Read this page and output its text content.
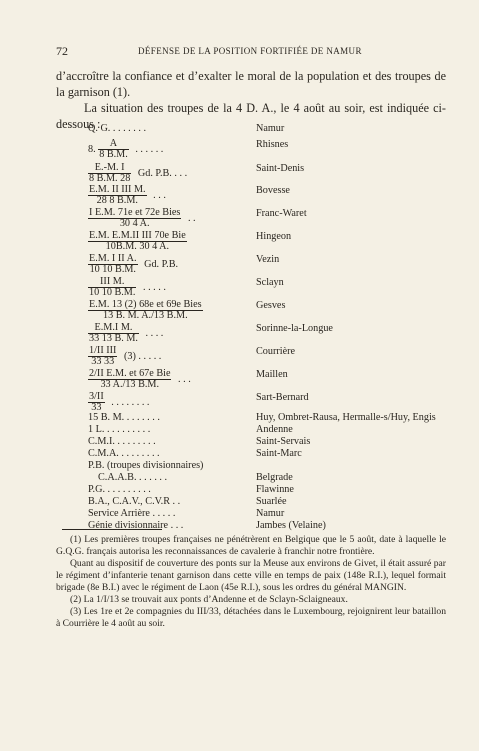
72	DÉFENSE DE LA POSITION FORTIFIÉE DE NAMUR

d’accroître la confiance et d’exalter le moral de la population et des troupes de la garnison (1).

La situation des troupes de la 4 D. A., le 4 août au soir, est indiquée ci-dessous :

Q. G. . . . . . . .	Namur
8. $\frac{A}{8 B.M.}$ . . . . . .	Rhisnes
$\frac{E.-M. I}{8 B.M. 28} Gd$. P.B. . . .	Saint-Denis
$\frac{\text{E.M. II III M.}}{28 8 B.M.}$ . . .	Bovesse
$\frac{\text{I E.M. 71e et 72e Bies}}{30 4 A.}$ . .	Franc-Waret
$\frac{\text{E.M. E.M.II III 70e Bie}}{10B.M. 30 4 A.}$	Hingeon
$\frac{\text{E.M. I II A.}}{10 10 B.M.} Gd$. P.B.	Vezin
$\frac{\text{III M.}}{10 10 B.M.}$ . . . . .	Sclayn
$\frac{\text{E.M. 13 (2) 68e et 69e Bies}}{13 B. M. A./13 B.M.}$	Gesves
$\frac{\text{E.M.I M.}}{33 13 B. M.}$ . . . .	Sorinne-la-Longue
$\frac{\text{1/II III}}{33 33} (3)$ . . . . .	Courrière
$\frac{\text{2/II E.M. et 67e Bie}}{33 A./13 B.M.}$ . . .	Maillen
$\frac{3/II}{33}$ . . . . . . . .	Sart-Bernard
15 B. M. . . . . . . .	Huy, Ombret-Rausa, Hermalle-s/Huy, Engis
1 L. . . . . . . . . .	Andenne
C.M.I. . . . . . . . .	Saint-Servais
C.M.A. . . . . . . . .	Saint-Marc
P.B. (troupes divisionnaires)
C.A.A.B. . . . . . .	Belgrade
P.G. . . . . . . . . .	Flawinne
B.A., C.A.V., C.V.R . .	Suarlée
Service Arrière . . . . .	Namur
Génie divisionnaire . . .	Jambes (Velaine)

(1) Les premières troupes françaises ne pénétrèrent en Belgique que le 5 août, date à laquelle le G.Q.G. français autorisa les reconnaissances de cavalerie à franchir notre frontière.

Quant au dispositif de couverture des ponts sur la Meuse aux environs de Givet, il était assuré par le régiment d’infanterie tenant garnison dans cette ville en temps de paix (148e R.I.), lequel formait brigade (8e B.I.) avec le régiment de Laon (45e R.I.), sous les ordres du général MANGIN.

(2) La 1/I/13 se trouvait aux ponts d’Andenne et de Sclayn-Sclaigneaux.

(3) Les 1re et 2e compagnies du III/33, détachées dans le Luxembourg, rejoignirent leur bataillon à Courrière le 4 août au soir.
